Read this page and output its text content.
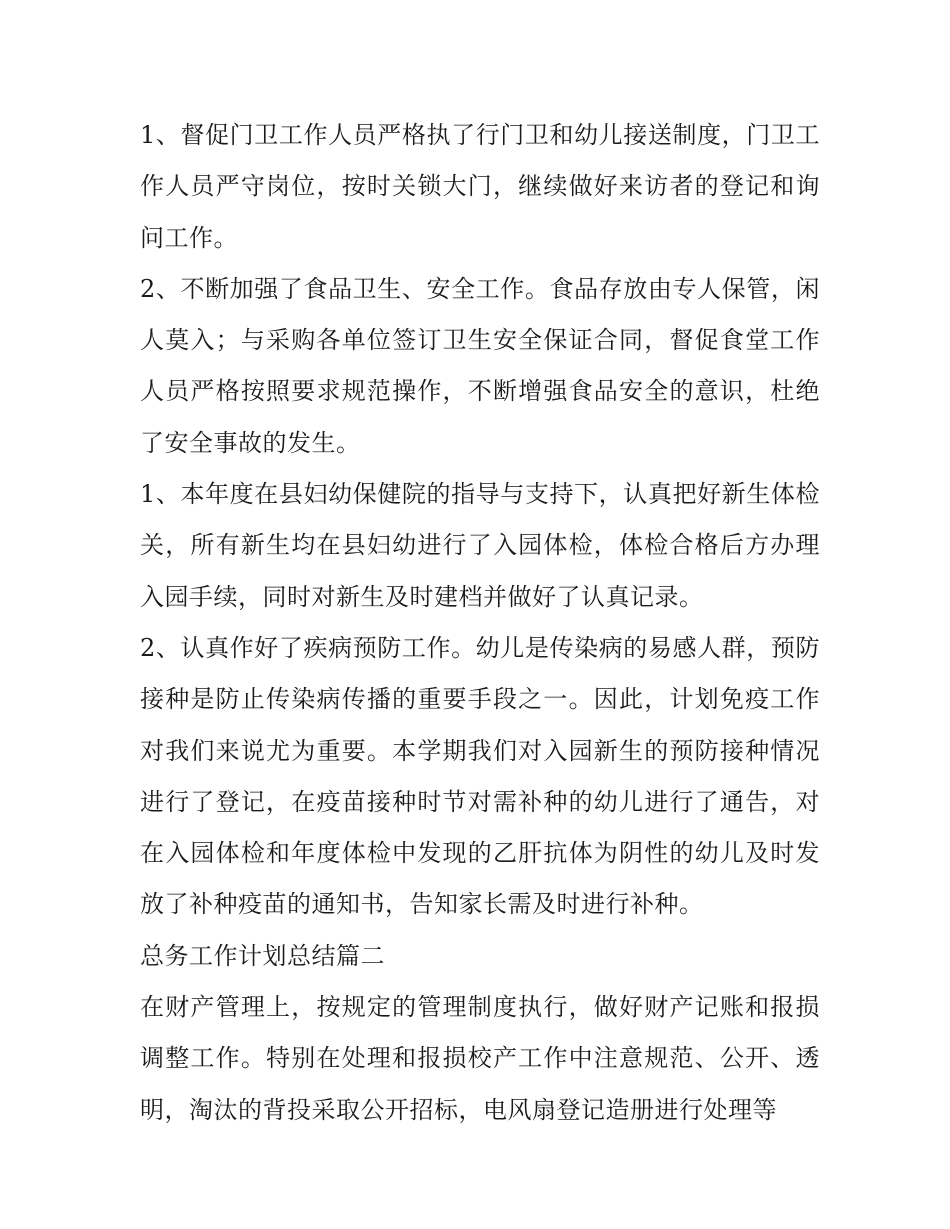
1、督促门卫工作人员严格执了行门卫和幼儿接送制度，门卫工作人员严守岗位，按时关锁大门，继续做好来访者的登记和询问工作。

2、不断加强了食品卫生、安全工作。食品存放由专人保管，闲人莫入；与采购各单位签订卫生安全保证合同，督促食堂工作人员严格按照要求规范操作，不断增强食品安全的意识，杜绝了安全事故的发生。

1、本年度在县妇幼保健院的指导与支持下，认真把好新生体检关，所有新生均在县妇幼进行了入园体检，体检合格后方办理入园手续，同时对新生及时建档并做好了认真记录。

2、认真作好了疾病预防工作。幼儿是传染病的易感人群，预防接种是防止传染病传播的重要手段之一。因此，计划免疫工作对我们来说尤为重要。本学期我们对入园新生的预防接种情况进行了登记，在疫苗接种时节对需补种的幼儿进行了通告，对在入园体检和年度体检中发现的乙肝抗体为阴性的幼儿及时发放了补种疫苗的通知书，告知家长需及时进行补种。

总务工作计划总结篇二

在财产管理上，按规定的管理制度执行，做好财产记账和报损调整工作。特别在处理和报损校产工作中注意规范、公开、透明，淘汰的背投采取公开招标，电风扇登记造册进行处理等
